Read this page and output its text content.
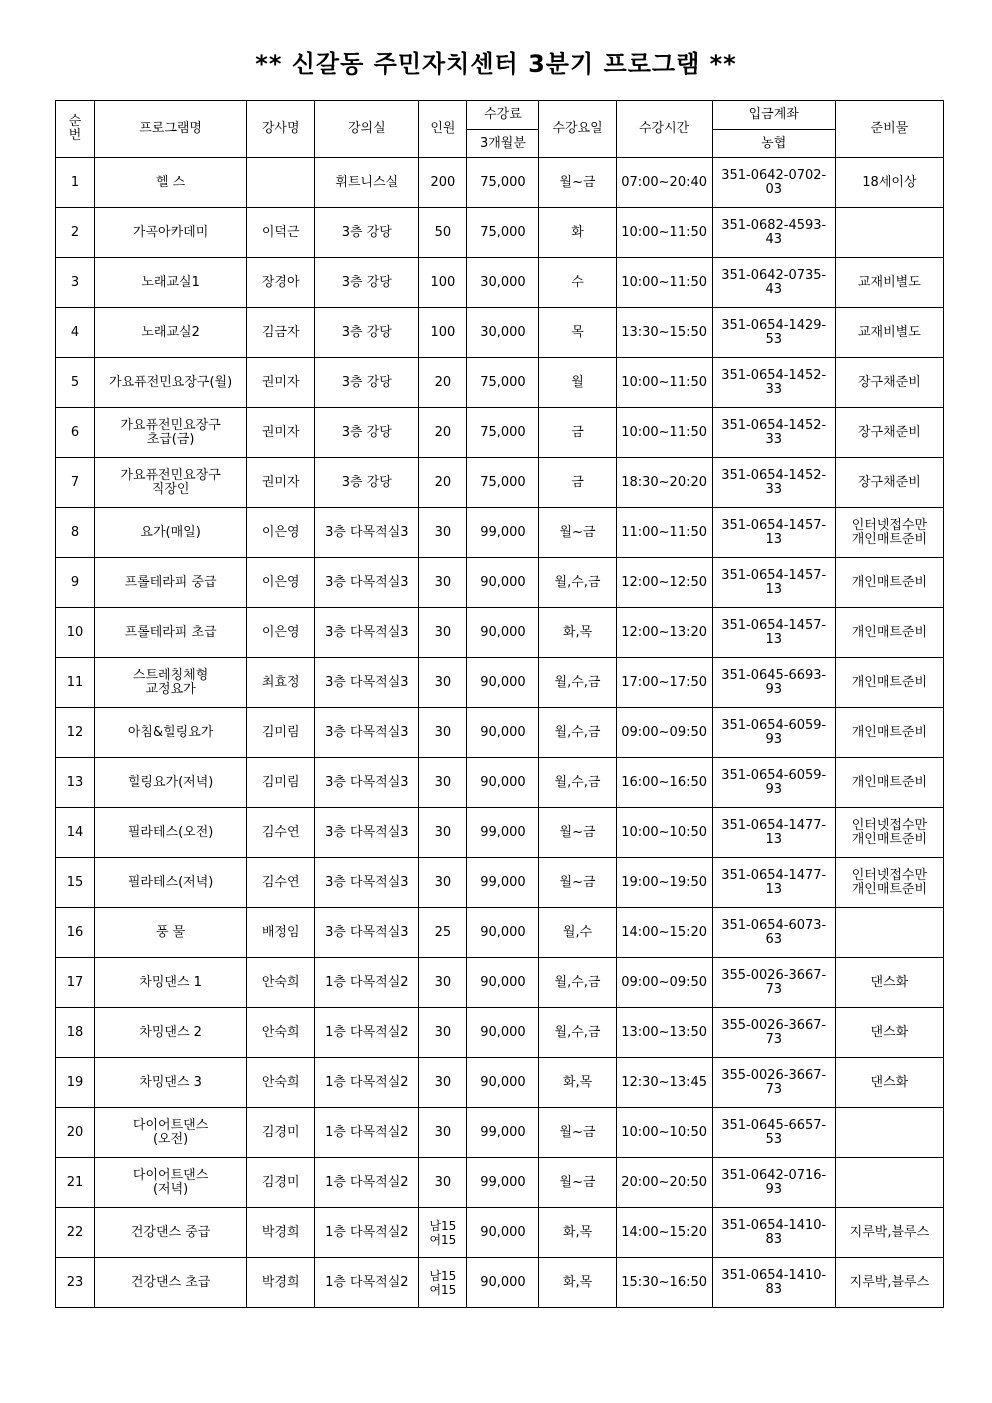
** 신갈동 주민자치센터 3분기 프로그램 **
순
번	프로그램명	강사명	강의실	인원	수강료	수강요일	수강시간	입금계좌	준비물
					3개월분			농협	
1	헬 스		휘트니스실	200	75,000	월~금	07:00~20:40	351-0642-0702-03	18세이상

2	가곡아카데미	이덕근	3층 강당	50	75,000	화	10:00~11:50	351-0682-4593-43	

3	노래교실1	장경아	3층 강당	100	30,000	수	10:00~11:50	351-0642-0735-43	교재비별도

4	노래교실2	김금자	3층 강당	100	30,000	목	13:30~15:50	351-0654-1429-53	교재비별도

5	가요퓨전민요장구(월)	권미자	3층 강당	20	75,000	월	10:00~11:50	351-0654-1452-33	장구채준비

6	가요퓨전민요장구
초급(금)	권미자	3층 강당	20	75,000	금	10:00~11:50	351-0654-1452-33	장구채준비

7	가요퓨전민요장구
직장인	권미자	3층 강당	20	75,000	금	18:30~20:20	351-0654-1452-33	장구채준비

8	요가(매일)	이은영	3층 다목적실3	30	99,000	월~금	11:00~11:50	351-0654-1457-13	인터넷접수만
개인매트준비

9	프롤테라피 중급	이은영	3층 다목적실3	30	90,000	월,수,금	12:00~12:50	351-0654-1457-13	개인매트준비

10	프롤테라피 초급	이은영	3층 다목적실3	30	90,000	화,목	12:00~13:20	351-0654-1457-13	개인매트준비

11	스트레칭체형
교정요가	최효정	3층 다목적실3	30	90,000	월,수,금	17:00~17:50	351-0645-6693-93	개인매트준비

12	아침&힐링요가	김미림	3층 다목적실3	30	90,000	월,수,금	09:00~09:50	351-0654-6059-93	개인매트준비

13	힐링요가(저녁)	김미림	3층 다목적실3	30	90,000	월,수,금	16:00~16:50	351-0654-6059-93	개인매트준비

14	필라테스(오전)	김수연	3층 다목적실3	30	99,000	월~금	10:00~10:50	351-0654-1477-13	인터넷접수만
개인매트준비

15	필라테스(저녁)	김수연	3층 다목적실3	30	99,000	월~금	19:00~19:50	351-0654-1477-13	인터넷접수만
개인매트준비

16	풍 물	배정임	3층 다목적실3	25	90,000	월,수	14:00~15:20	351-0654-6073-63	

17	차밍댄스 1	안숙희	1층 다목적실2	30	90,000	월,수,금	09:00~09:50	355-0026-3667-73	댄스화

18	차밍댄스 2	안숙희	1층 다목적실2	30	90,000	월,수,금	13:00~13:50	355-0026-3667-73	댄스화

19	차밍댄스 3	안숙희	1층 다목적실2	30	90,000	화,목	12:30~13:45	355-0026-3667-73	댄스화

20	다이어트댄스
(오전)	김경미	1층 다목적실2	30	99,000	월~금	10:00~10:50	351-0645-6657-53	

21	다이어트댄스
(저녁)	김경미	1층 다목적실2	30	99,000	월~금	20:00~20:50	351-0642-0716-93	

22	건강댄스 중급	박경희	1층 다목적실2	남15
여15	90,000	화,목	14:00~15:20	351-0654-1410-83	지루박,블루스

23	건강댄스 초급	박경희	1층 다목적실2	남15
여15	90,000	화,목	15:30~16:50	351-0654-1410-83	지루박,블루스
